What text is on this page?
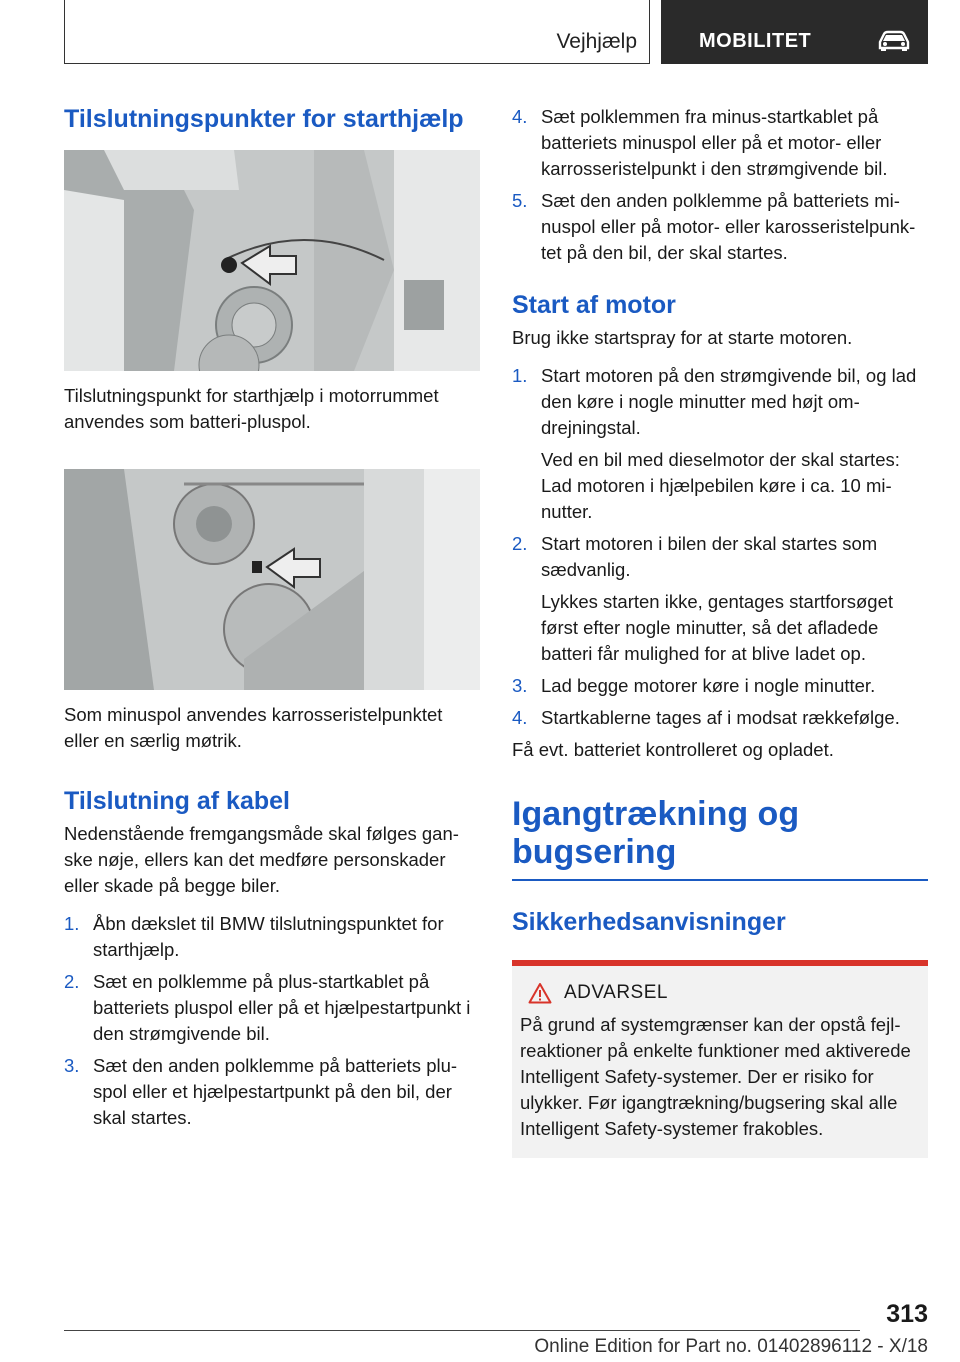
Vejhjælp	MOBILITET
Tilslutningspunkter for starthjælp
Tilslutningspunkt for starthjælp i motorrummet anvendes som batteri-pluspol.
Som minuspol anvendes karrosseristelpunktet eller en særlig møtrik.
Tilslutning af kabel
Nedenstående fremgangsmåde skal følges ganske nøje, ellers kan det medføre personskader eller skade på begge biler.
1. Åbn dækslet til BMW tilslutningspunktet for starthjælp.
2. Sæt en polklemme på plus-startkablet på batteriets pluspol eller på et hjælpestartpunkt i den strømgivende bil.
3. Sæt den anden polklemme på batteriets pluspol eller et hjælpestartpunkt på den bil, der skal startes.
4. Sæt polklemmen fra minus-startkablet på batteriets minuspol eller på et motor- eller karrosseristelpunkt i den strømgivende bil.
5. Sæt den anden polklemme på batteriets minuspol eller på motor- eller karosseristelpunktet på den bil, der skal startes.
Start af motor
Brug ikke startspray for at starte motoren.
1. Start motoren på den strømgivende bil, og lad den køre i nogle minutter med højt omdrejningstal.
Ved en bil med dieselmotor der skal startes: Lad motoren i hjælpebilen køre i ca. 10 minutter.
2. Start motoren i bilen der skal startes som sædvanlig.
Lykkes starten ikke, gentages startforsøget først efter nogle minutter, så det afladede batteri får mulighed for at blive ladet op.
3. Lad begge motorer køre i nogle minutter.
4. Startkablerne tages af i modsat rækkefølge.
Få evt. batteriet kontrolleret og opladet.
Igangtrækning og bugsering
Sikkerhedsanvisninger
ADVARSEL

På grund af systemgrænser kan der opstå fejlreaktioner på enkelte funktioner med aktiverede Intelligent Safety-systemer. Der er risiko for ulykker. Før igangtrækning/bugsering skal alle Intelligent Safety-systemer frakobles.

313
Online Edition for Part no. 01402896112 - X/18
